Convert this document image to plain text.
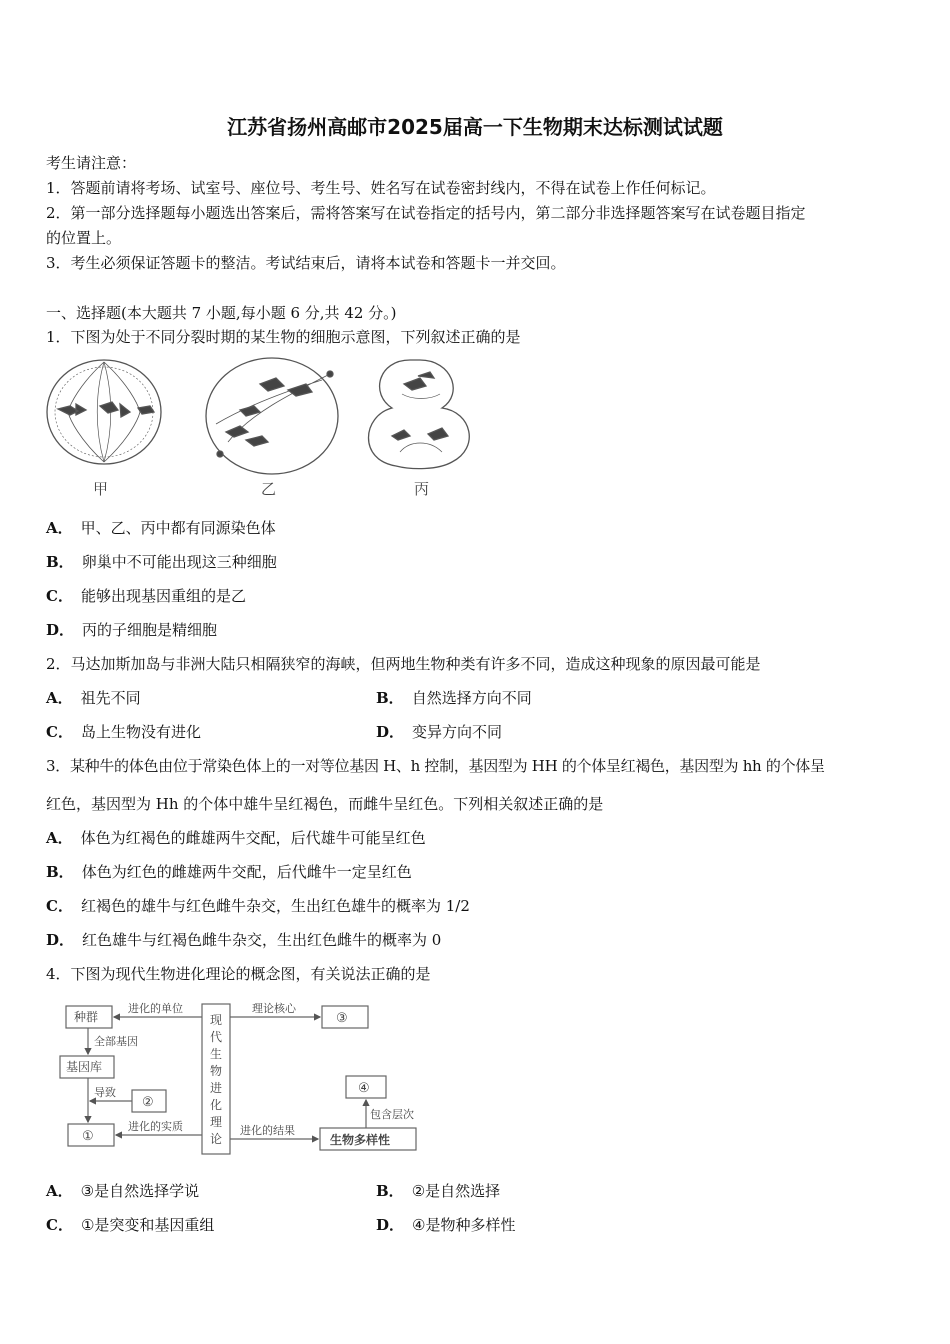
江苏省扬州高邮市2025届高一下生物期末达标测试试题
考生请注意：
1．答题前请将考场、试室号、座位号、考生号、姓名写在试卷密封线内，不得在试卷上作任何标记。
2．第一部分选择题每小题选出答案后，需将答案写在试卷指定的括号内，第二部分非选择题答案写在试卷题目指定
的位置上。
3．考生必须保证答题卡的整洁。考试结束后，请将本试卷和答题卡一并交回。
一、选择题(本大题共 7 小题,每小题 6 分,共 42 分。)
1．下图为处于不同分裂时期的某生物的细胞示意图，下列叙述正确的是
甲	乙	丙
A． 甲、乙、丙中都有同源染色体
B． 卵巢中不可能出现这三种细胞
C． 能够出现基因重组的是乙
D． 丙的子细胞是精细胞
2．马达加斯加岛与非洲大陆只相隔狭窄的海峡，但两地生物种类有许多不同，造成这种现象的原因最可能是
A． 祖先不同	B． 自然选择方向不同
C． 岛上生物没有进化	D． 变异方向不同
3．某种牛的体色由位于常染色体上的一对等位基因 H、h 控制，基因型为 HH 的个体呈红褐色，基因型为 hh 的个体呈
红色，基因型为 Hh 的个体中雄牛呈红褐色，而雌牛呈红色。下列相关叙述正确的是
A． 体色为红褐色的雌雄两牛交配，后代雄牛可能呈红色
B． 体色为红色的雌雄两牛交配，后代雌牛一定呈红色
C． 红褐色的雄牛与红色雌牛杂交，生出红色雄牛的概率为 1/2
D． 红色雄牛与红褐色雌牛杂交，生出红色雌牛的概率为 0
4．下图为现代生物进化理论的概念图，有关说法正确的是
种群
基因库
②
①
③
④
生物多样性
进化的单位
全部基因
导致
进化的实质
理论核心
进化的结果
包含层次
现
代
生
物
进
化
理
论
A． ③是自然选择学说	B． ②是自然选择
C． ①是突变和基因重组	D． ④是物种多样性
